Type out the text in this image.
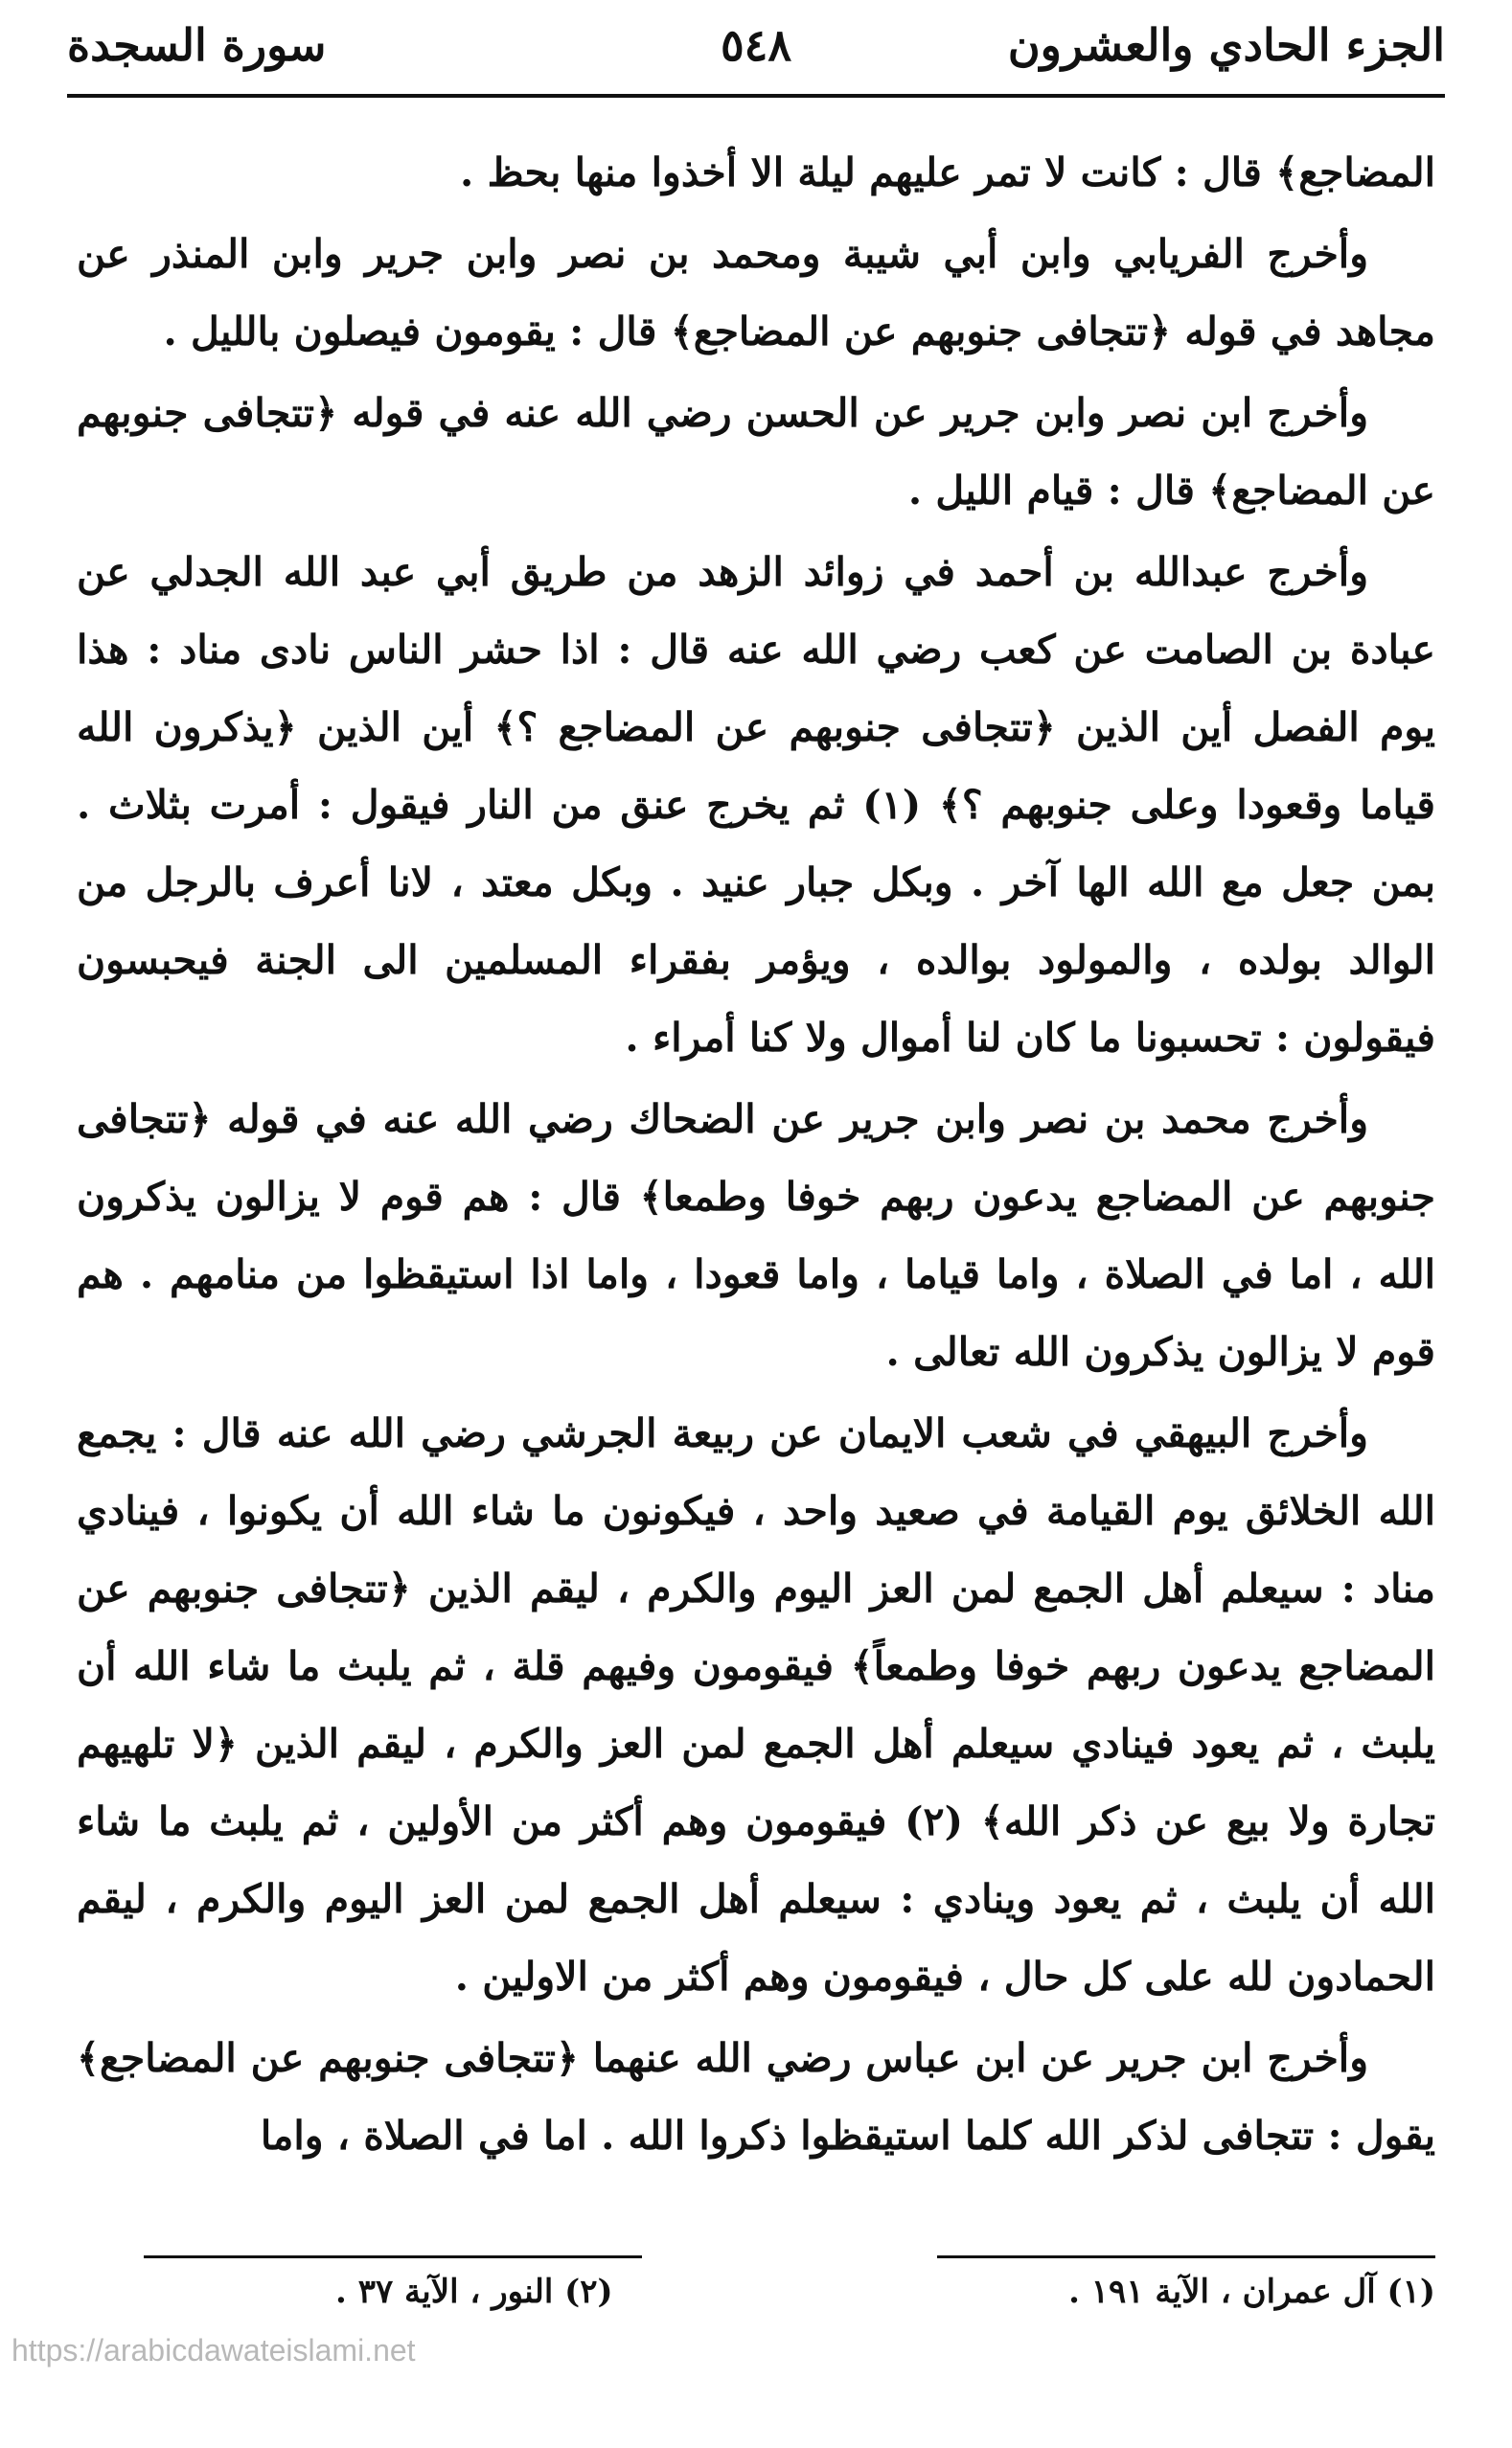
الجزء الحادي والعشرون
٥٤٨
سورة السجدة

المضاجع﴾ قال : كانت لا تمر عليهم ليلة الا أخذوا منها بحظ .

وأخرج الفريابي وابن أبي شيبة ومحمد بن نصر وابن جرير وابن المنذر عن مجاهد في قوله ﴿تتجافى جنوبهم عن المضاجع﴾ قال : يقومون فيصلون بالليل .

وأخرج ابن نصر وابن جرير عن الحسن رضي الله عنه في قوله ﴿تتجافى جنوبهم عن المضاجع﴾ قال : قيام الليل .

وأخرج عبدالله بن أحمد في زوائد الزهد من طريق أبي عبد الله الجدلي عن عبادة بن الصامت عن كعب رضي الله عنه قال : اذا حشر الناس نادى مناد : هذا يوم الفصل أين الذين ﴿تتجافى جنوبهم عن المضاجع ؟﴾ أين الذين ﴿يذكرون الله قياما وقعودا وعلى جنوبهم ؟﴾ (١) ثم يخرج عنق من النار فيقول : أمرت بثلاث . بمن جعل مع الله الها آخر . وبكل جبار عنيد . وبكل معتد ، لانا أعرف بالرجل من الوالد بولده ، والمولود بوالده ، ويؤمر بفقراء المسلمين الى الجنة فيحبسون فيقولون : تحسبونا ما كان لنا أموال ولا كنا أمراء .

وأخرج محمد بن نصر وابن جرير عن الضحاك رضي الله عنه في قوله ﴿تتجافى جنوبهم عن المضاجع يدعون ربهم خوفا وطمعا﴾ قال : هم قوم لا يزالون يذكرون الله ، اما في الصلاة ، واما قياما ، واما قعودا ، واما اذا استيقظوا من منامهم . هم قوم لا يزالون يذكرون الله تعالى .

وأخرج البيهقي في شعب الايمان عن ربيعة الجرشي رضي الله عنه قال : يجمع الله الخلائق يوم القيامة في صعيد واحد ، فيكونون ما شاء الله أن يكونوا ، فينادي مناد : سيعلم أهل الجمع لمن العز اليوم والكرم ، ليقم الذين ﴿تتجافى جنوبهم عن المضاجع يدعون ربهم خوفا وطمعاً﴾ فيقومون وفيهم قلة ، ثم يلبث ما شاء الله أن يلبث ، ثم يعود فينادي سيعلم أهل الجمع لمن العز والكرم ، ليقم الذين ﴿لا تلهيهم تجارة ولا بيع عن ذكر الله﴾ (٢) فيقومون وهم أكثر من الأولين ، ثم يلبث ما شاء الله أن يلبث ، ثم يعود وينادي : سيعلم أهل الجمع لمن العز اليوم والكرم ، ليقم الحمادون لله على كل حال ، فيقومون وهم أكثر من الاولين .

وأخرج ابن جرير عن ابن عباس رضي الله عنهما ﴿تتجافى جنوبهم عن المضاجع﴾ يقول : تتجافى لذكر الله كلما استيقظوا ذكروا الله . اما في الصلاة ، واما

(١) آل عمران ، الآية ١٩١ .
(٢) النور ، الآية ٣٧ .
https://arabicdawateislami.net
